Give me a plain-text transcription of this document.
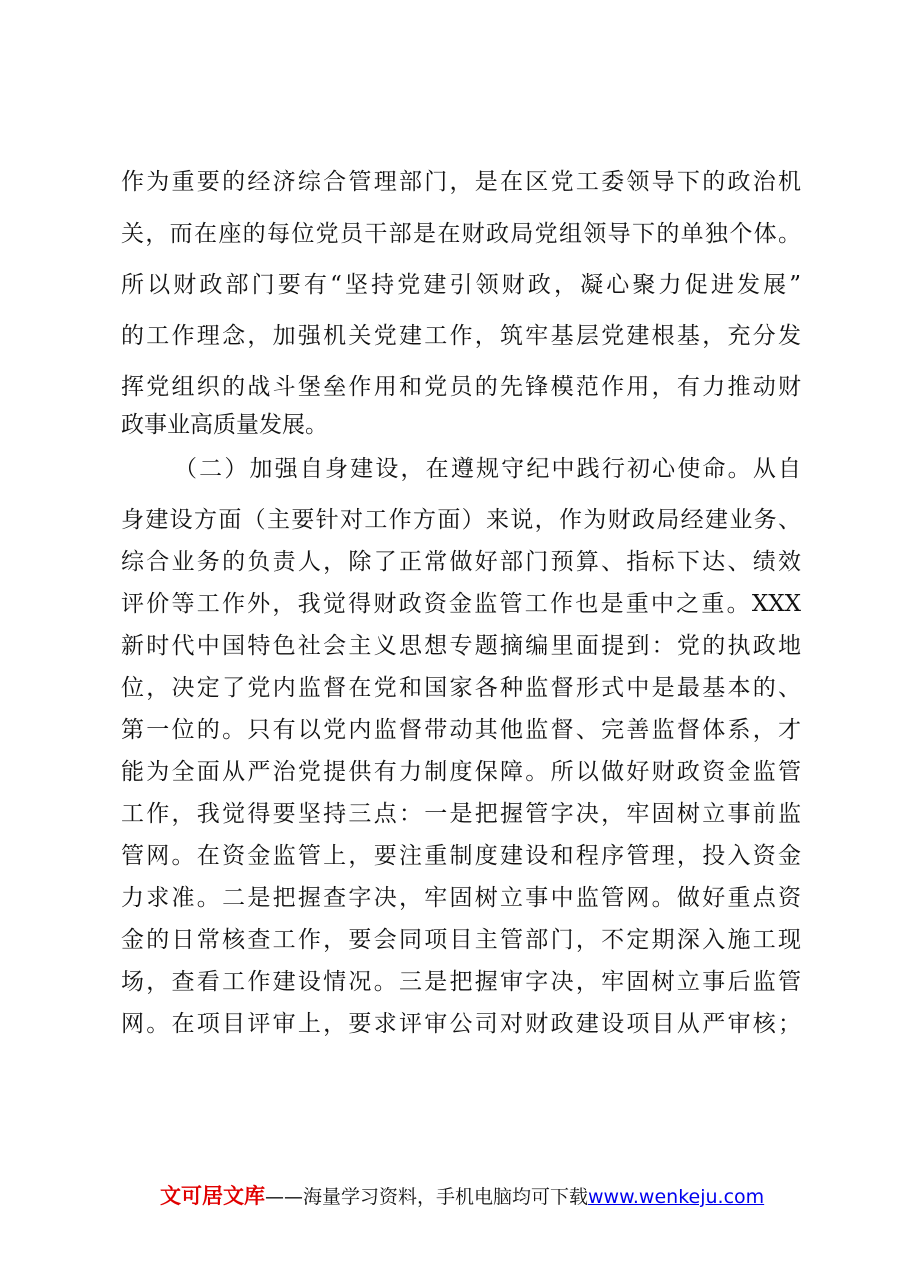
作为重要的经济综合管理部门，是在区党工委领导下的政治机
关，而在座的每位党员干部是在财政局党组领导下的单独个体。
所以财政部门要有“坚持党建引领财政，凝心聚力促进发展”
的工作理念，加强机关党建工作，筑牢基层党建根基，充分发
挥党组织的战斗堡垒作用和党员的先锋模范作用，有力推动财
政事业高质量发展。
（二）加强自身建设，在遵规守纪中践行初心使命。从自
身建设方面（主要针对工作方面）来说，作为财政局经建业务、
综合业务的负责人，除了正常做好部门预算、指标下达、绩效
评价等工作外，我觉得财政资金监管工作也是重中之重。XXX
新时代中国特色社会主义思想专题摘编里面提到：党的执政地
位，决定了党内监督在党和国家各种监督形式中是最基本的、
第一位的。只有以党内监督带动其他监督、完善监督体系，才
能为全面从严治党提供有力制度保障。所以做好财政资金监管
工作，我觉得要坚持三点：一是把握管字决，牢固树立事前监
管网。在资金监管上，要注重制度建设和程序管理，投入资金
力求准。二是把握查字决，牢固树立事中监管网。做好重点资
金的日常核查工作，要会同项目主管部门，不定期深入施工现
场，查看工作建设情况。三是把握审字决，牢固树立事后监管
网。在项目评审上，要求评审公司对财政建设项目从严审核；
文可居文库——海量学习资料，手机电脑均可下载www.wenkeju.com
